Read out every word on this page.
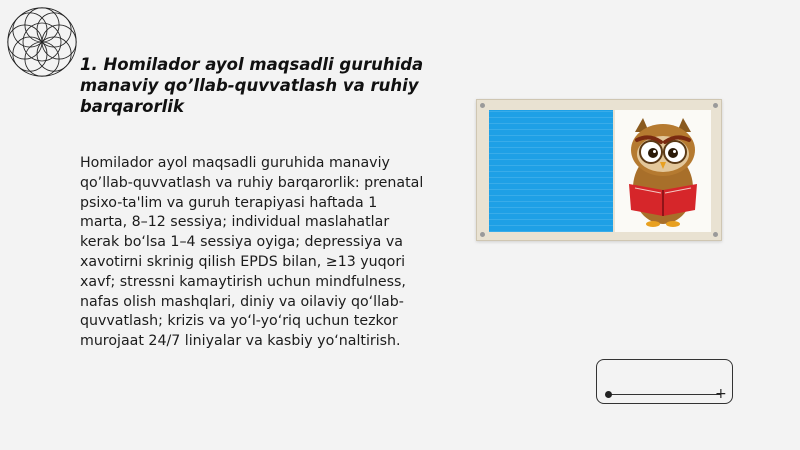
1. Homilador ayol maqsadli guruhida manaviy qo’llab-quvvatlash va ruhiy barqarorlik

Homilador ayol maqsadli guruhida manaviy qo’llab-quvvatlash va ruhiy barqarorlik: prenatal psixo-ta'lim va guruh terapiyasi haftada 1 marta, 8–12 sessiya; individual maslahatlar kerak bo‘lsa 1–4 sessiya oyiga; depressiya va xavotirni skrinig qilish EPDS bilan, ≥13 yuqori xavf; stressni kamaytirish uchun mindfulness, nafas olish mashqlari, diniy va oilaviy qo‘llab-quvvatlash; krizis va yo‘l-yo‘riq uchun tezkor murojaat 24/7 liniyalar va kasbiy yo‘naltirish.

+
